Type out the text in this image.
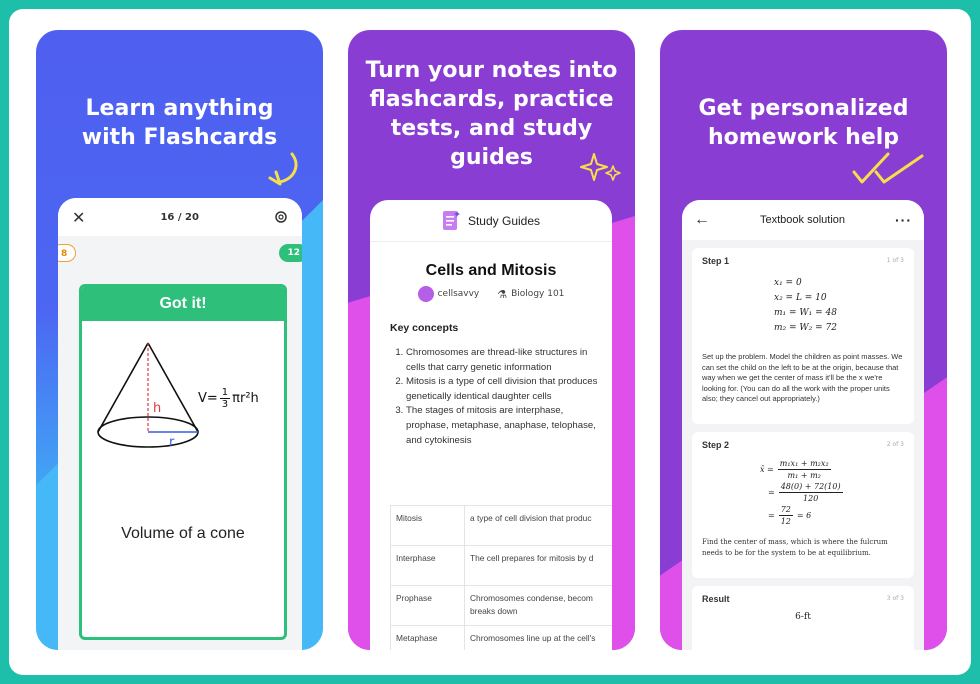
Learn anything
with Flashcards
✕	16 / 20
8	12
Got it!
h
r
$V= \frac{1}{3} \pi r^2h$
Volume of a cone
Turn your notes into
flashcards, practice
tests, and study
guides
Study Guides
Cells and Mitosis
cellsavvy ⚗ Biology 101
Key concepts
1. Chromosomes are thread-like structures in cells that carry genetic information
2. Mitosis is a type of cell division that produces genetically identical daughter cells
3. The stages of mitosis are interphase, prophase, metaphase, anaphase, telophase, and cytokinesis
Mitosis	a type of cell division that produc
Interphase	The cell prepares for mitosis by d
Prophase	Chromosomes condense, becom
breaks down

Metaphase	Chromosomes line up at the cell's
Get personalized
homework help
←	Textbook solution	···
Step 1	1 of 3
x₁ = 0
x₂ = L = 10
m₁ = W₁ = 48
m₂ = W₂ = 72
Set up the problem. Model the children as point masses. We can set the child on the left to be at the origin, because that way when we get the center of mass it'll be the x we're looking for. (You can do all the work with the proper units also; they cancel out appropriately.)
Step 2	2 of 3
x̄ = $\frac{\text{m₁x₁ + m₂x₂}}{\text{m₁ + m₂}}$
= $\frac{48(0) + 72(10)}{120}$
= $\frac{72}{12} = 6$
Find the center of mass, which is where the fulcrum needs to be for the system to be at equilibrium.
Result	3 of 3
6-ft
